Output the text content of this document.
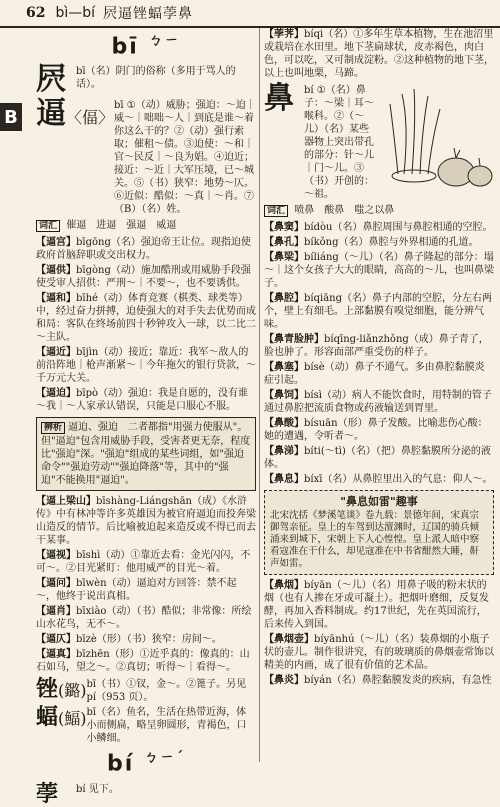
62 bì—bí 屄逼锉蝠荸鼻
B
bī $^{ㄅㄧ}$
屄	bī（名）阴门的俗称（多用于骂人的话）。
逼〈偪〉
bī ①（动）威胁；强迫：～迫｜威～｜咄咄～人｜到底是谁～着你这么干的？②（动）强行索取；催租～债。③迫使：～和｜官～民反｜～良为娼。④迫近；接近：～近｜大军压境，已～城关。⑤（书）狭窄：地势～仄。⑥近似：酷似：～真｜～肖。⑦（B）（名）姓。
词汇 催逼　进逼　强逼　威逼

【 逼宫 】 bīgōng（名）强迫帝王让位。现指迫使政府首脑辞职或交出权力。

【 逼供 】 bīgòng（动）施加酷刑或用威胁手段强使受审人招供：严刑～｜不要～，也不要诱供。

【 逼和 】 bīhé（动）体育竞赛（棋类、球类等）中，经过奋力拼搏，迫使强大的对手失去优势而成和局：客队在终场前四十秒钟攻入一球，以二比二～主队。

【 逼近 】 bījìn（动）接近；靠近：我军～敌人的前沿阵地｜枪声渐紧～｜今年拖欠的银行贷款，～千万元大关。

【 逼迫 】 bīpò（动）强迫：我是自愿的，没有谁～我｜～人家承认错误，只能是口服心不服。

辨析 逼迫、强迫　二者都指"用强力使服从"。但"逼迫"包含用威胁手段，受害者更无奈，程度比"强迫"深。"强迫"组成的某些词组，如"强迫命令""强迫劳动""强迫降落"等，其中的"强迫"不能换用"逼迫"。

【 逼上梁山 】 bīshàng-Liángshān（成）《水浒传》中有林冲等许多英雄因为被官府逼迫而投奔梁山造反的情节。后比喻被迫起来造反或不得已而去干某事。

【 逼视 】 bīshì（动）①靠近去看：金光闪闪，不可～。②目光紧盯：他用威严的目光～着。

【 逼问 】 bīwèn（动）逼迫对方回答：禁不起～，他终于说出真相。

【 逼肖 】 bīxiào（动）（书）酷似；非常像：所绘山水花鸟，无不～。

【 逼仄 】 bīzè（形）（书）狭窄：房间～。

【 逼真 】 bīzhēn（形）①近乎真的：像真的：山石如马，望之～。②真切；听得～｜看得～。

锉(鏴) bī（书）①钗，金～。②篦子。另见 pí（953 页）。
蝠(鰏) bī（名）鱼名，生活在热带近海，体小而侧扁，略呈卵圆形，青褐色，口小鳞细。
bí $^{ㄅㄧˊ}$
荸	bí 见下。

【 荸荠 】 bíqi（名）①多年生草本植物，生在池沼里或栽培在水田里。地下茎扁球状，皮赤褐色，肉白色，可以吃，又可制成淀粉。②这种植物的地下茎，以上也叫地栗，马蹄。

鼻	bí ①（名）鼻子：～梁｜耳～喉科。②（～儿）（名）某些器物上突出带孔的部分：针～儿｜门～儿。③（书）开创的：～祖。
词汇 喷鼻　酸鼻　嗤之以鼻

【 鼻窦 】 bídòu（名）鼻腔周围与鼻腔相通的空腔。

【 鼻孔 】 bíkǒng（名）鼻腔与外界相通的孔道。

【 鼻梁 】 bíliáng（～儿）（名）鼻子隆起的部分：塌～｜这个女孩子大大的眼睛，高高的～儿，也叫鼻梁子。

【 鼻腔 】 bíqiāng（名）鼻子内部的空腔，分左右两个，壁上有细毛。上部黏膜有嗅觉细胞，能分辨气味。

【 鼻青脸肿 】 bíqīng-liǎnzhǒng（成）鼻子青了，脸也肿了。形容面部严重受伤的样子。

【 鼻塞 】 bísè（动）鼻子不通气。多由鼻腔黏膜炎症引起。

【 鼻饲 】 bísì（动）病人不能饮食时，用特制的管子通过鼻腔把流质食物或药液输送到胃里。

【 鼻酸 】 bísuān（形）鼻子发酸。比喻悲伤心酸：她的遭遇，令听者～。

【 鼻涕 】 bíti(～tì)（名）（把）鼻腔黏膜所分泌的液体。

【 鼻息 】 bíxī（名）从鼻腔里出入的气息：仰人～。

"鼻息如雷"趣事
北宋沈括《梦溪笔谈》卷九载：景德年间，宋真宗御驾亲征。皇上的车驾到达澶渊时，辽国的骑兵倾涌来到城下，宋朝上下人心惶惶。皇上派人暗中察看寇准在干什么，却见寇准在中书省酣然大睡，鼾声如雷。

【 鼻烟 】 bíyān（～儿）（名）用鼻子吸的粉末状的烟（也有人掺在牙或可凝土）。把烟叶磨细，反复发酵，再加入香料制成。约17世纪，先在英国流行，后来传入到国。

【 鼻烟壶 】 bíyānhú（～儿）（名）装鼻烟的小瓶子状的壶儿。制作很讲究，有的玻璃质的鼻烟壶常饰以精美的内画，成了很有价值的艺术品。

【 鼻炎 】 bíyán（名）鼻腔黏膜发炎的疾病，有急性
